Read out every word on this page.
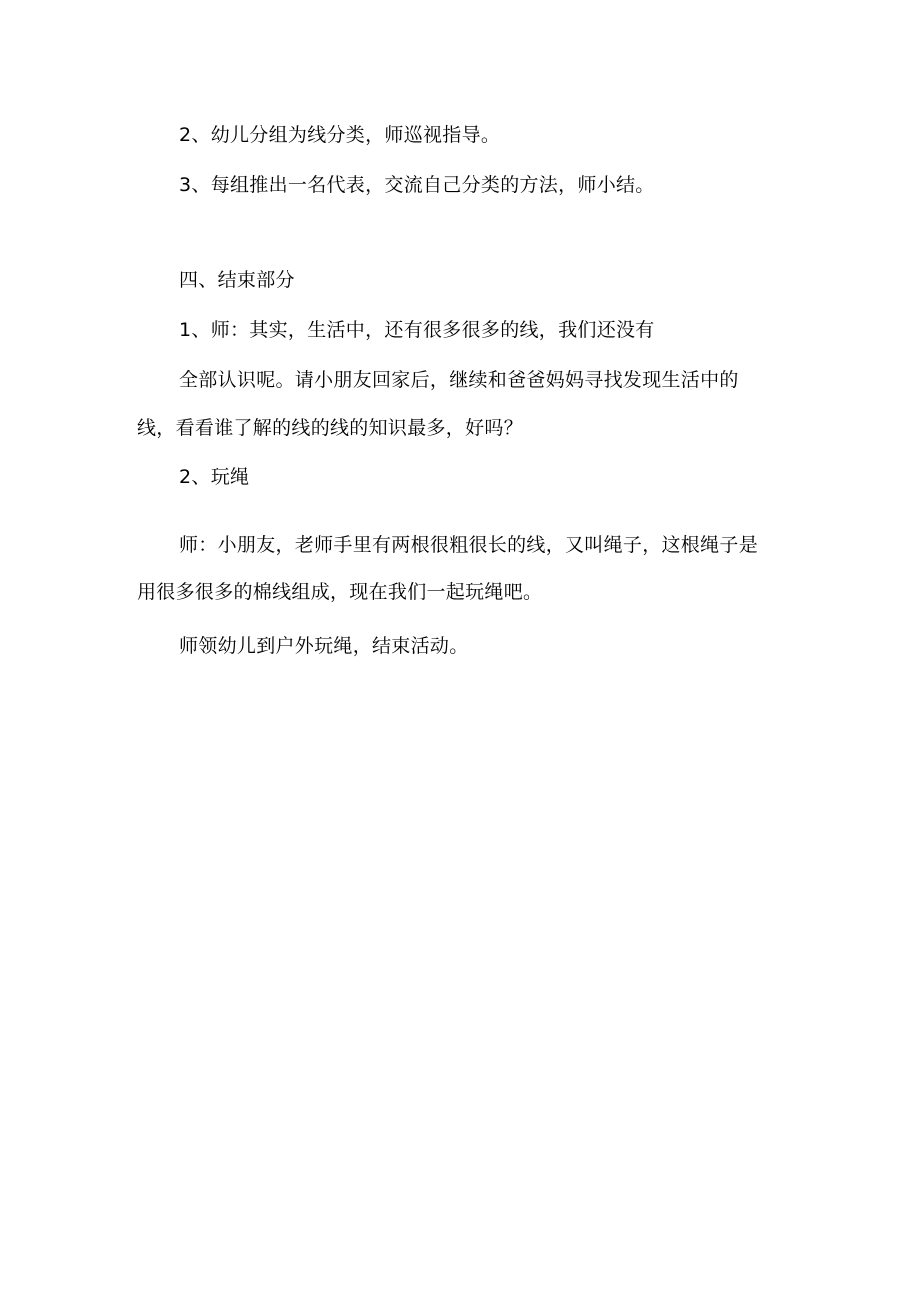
2、幼儿分组为线分类，师巡视指导。
3、每组推出一名代表，交流自己分类的方法，师小结。
四、结束部分
1、师：其实，生活中，还有很多很多的线，我们还没有
全部认识呢。请小朋友回家后，继续和爸爸妈妈寻找发现生活中的
线，看看谁了解的线的线的知识最多，好吗？
2、玩绳
师：小朋友，老师手里有两根很粗很长的线，又叫绳子，这根绳子是
用很多很多的棉线组成，现在我们一起玩绳吧。
师领幼儿到户外玩绳，结束活动。
